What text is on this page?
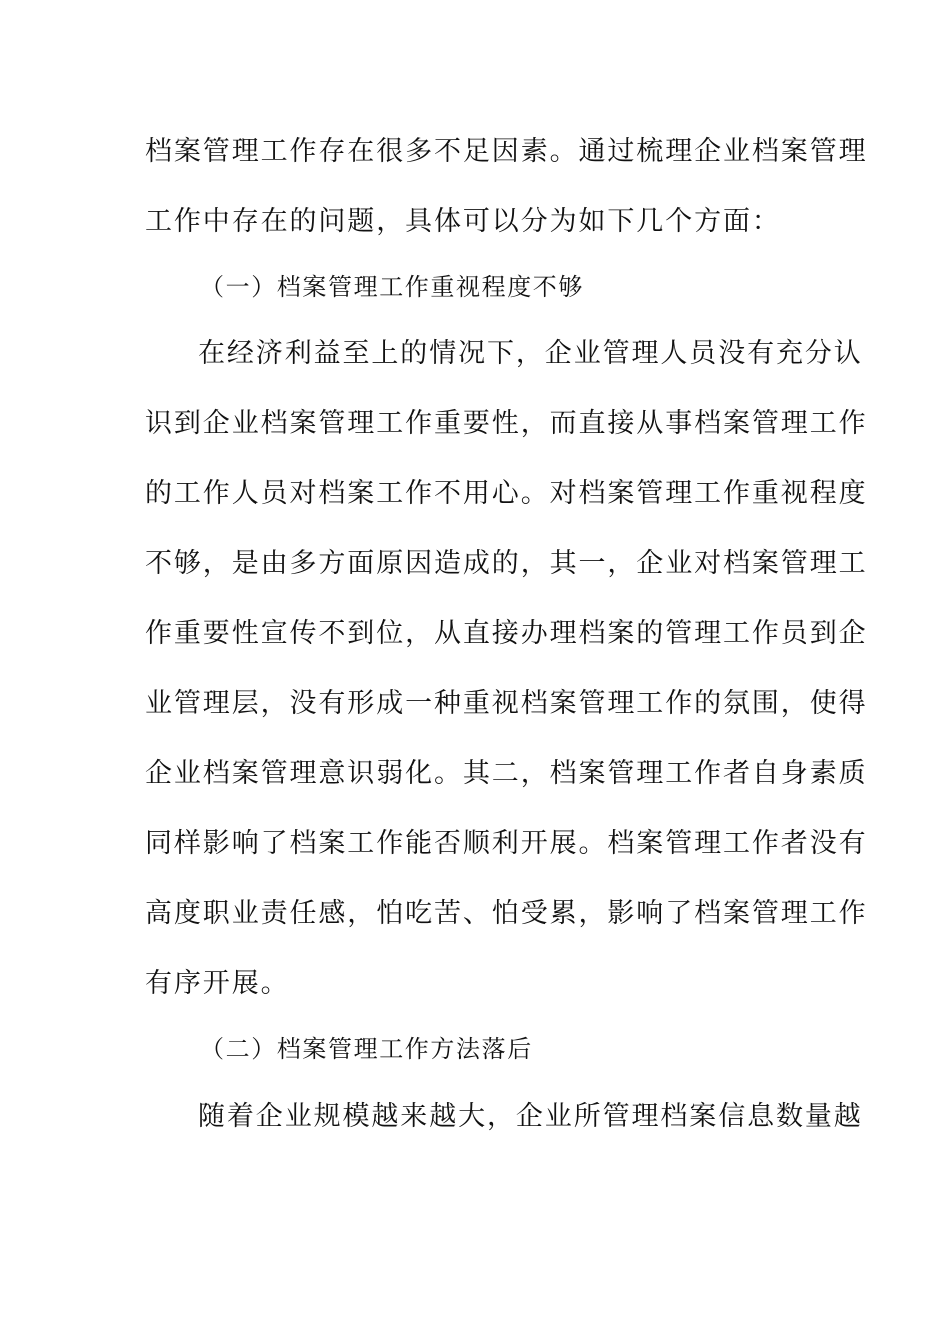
档案管理工作存在很多不足因素。通过梳理企业档案管理

工作中存在的问题，具体可以分为如下几个方面：

（一）档案管理工作重视程度不够

在经济利益至上的情况下，企业管理人员没有充分认

识到企业档案管理工作重要性，而直接从事档案管理工作

的工作人员对档案工作不用心。对档案管理工作重视程度

不够，是由多方面原因造成的，其一，企业对档案管理工

作重要性宣传不到位，从直接办理档案的管理工作员到企

业管理层，没有形成一种重视档案管理工作的氛围，使得

企业档案管理意识弱化。其二，档案管理工作者自身素质

同样影响了档案工作能否顺利开展。档案管理工作者没有

高度职业责任感，怕吃苦、怕受累，影响了档案管理工作

有序开展。

（二）档案管理工作方法落后

随着企业规模越来越大，企业所管理档案信息数量越
